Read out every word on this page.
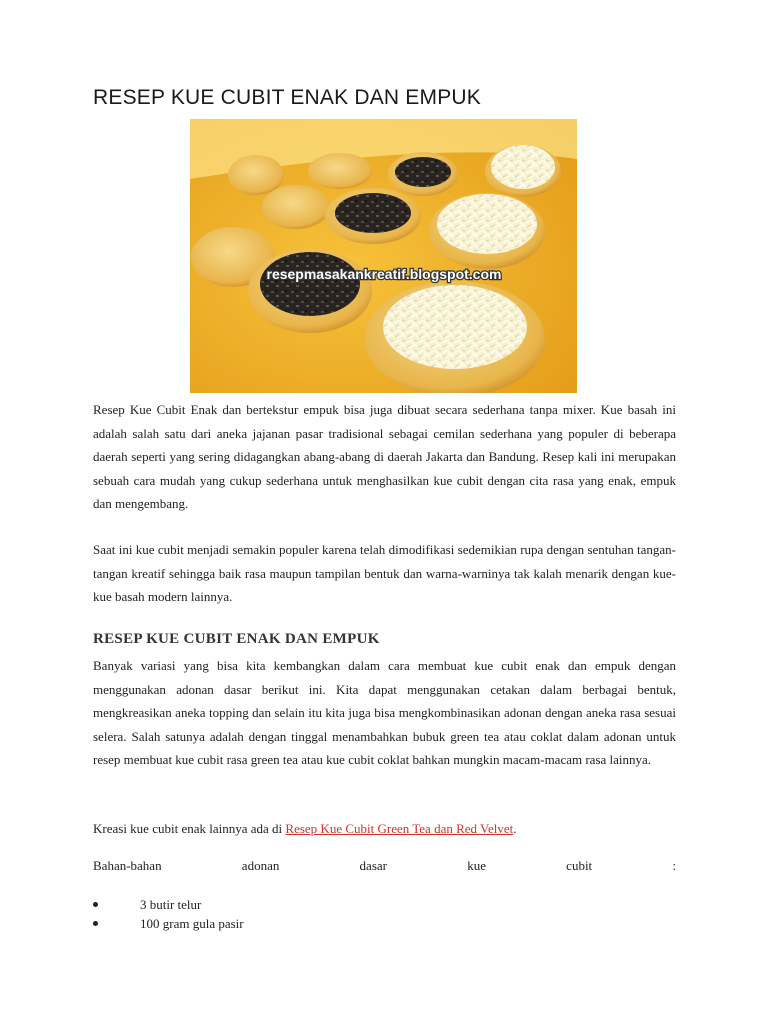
RESEP KUE CUBIT ENAK DAN EMPUK
resepmasakankreatif.blogspot.com

Resep Kue Cubit Enak dan bertekstur empuk bisa juga dibuat secara sederhana tanpa mixer. Kue basah ini adalah salah satu dari aneka jajanan pasar tradisional sebagai cemilan sederhana yang populer di beberapa daerah seperti yang sering didagangkan abang-abang di daerah Jakarta dan Bandung. Resep kali ini merupakan sebuah cara mudah yang cukup sederhana untuk menghasilkan kue cubit dengan cita rasa yang enak, empuk dan mengembang.

Saat ini kue cubit menjadi semakin populer karena telah dimodifikasi sedemikian rupa dengan sentuhan tangan-tangan kreatif sehingga baik rasa maupun tampilan bentuk dan warna-warninya tak kalah menarik dengan kue-kue basah modern lainnya.

RESEP KUE CUBIT ENAK DAN EMPUK

Banyak variasi yang bisa kita kembangkan dalam cara membuat kue cubit enak dan empuk dengan menggunakan adonan dasar berikut ini. Kita dapat menggunakan cetakan dalam berbagai bentuk, mengkreasikan aneka topping dan selain itu kita juga bisa mengkombinasikan adonan dengan aneka rasa sesuai selera. Salah satunya adalah dengan tinggal menambahkan bubuk green tea atau coklat dalam adonan untuk resep membuat kue cubit rasa green tea atau kue cubit coklat bahkan mungkin macam-macam rasa lainnya.

Kreasi kue cubit enak lainnya ada di Resep Kue Cubit Green Tea dan Red Velvet.

Bahan-bahan	adonan	dasar	kue	cubit	:
3 butir telur
100 gram gula pasir
